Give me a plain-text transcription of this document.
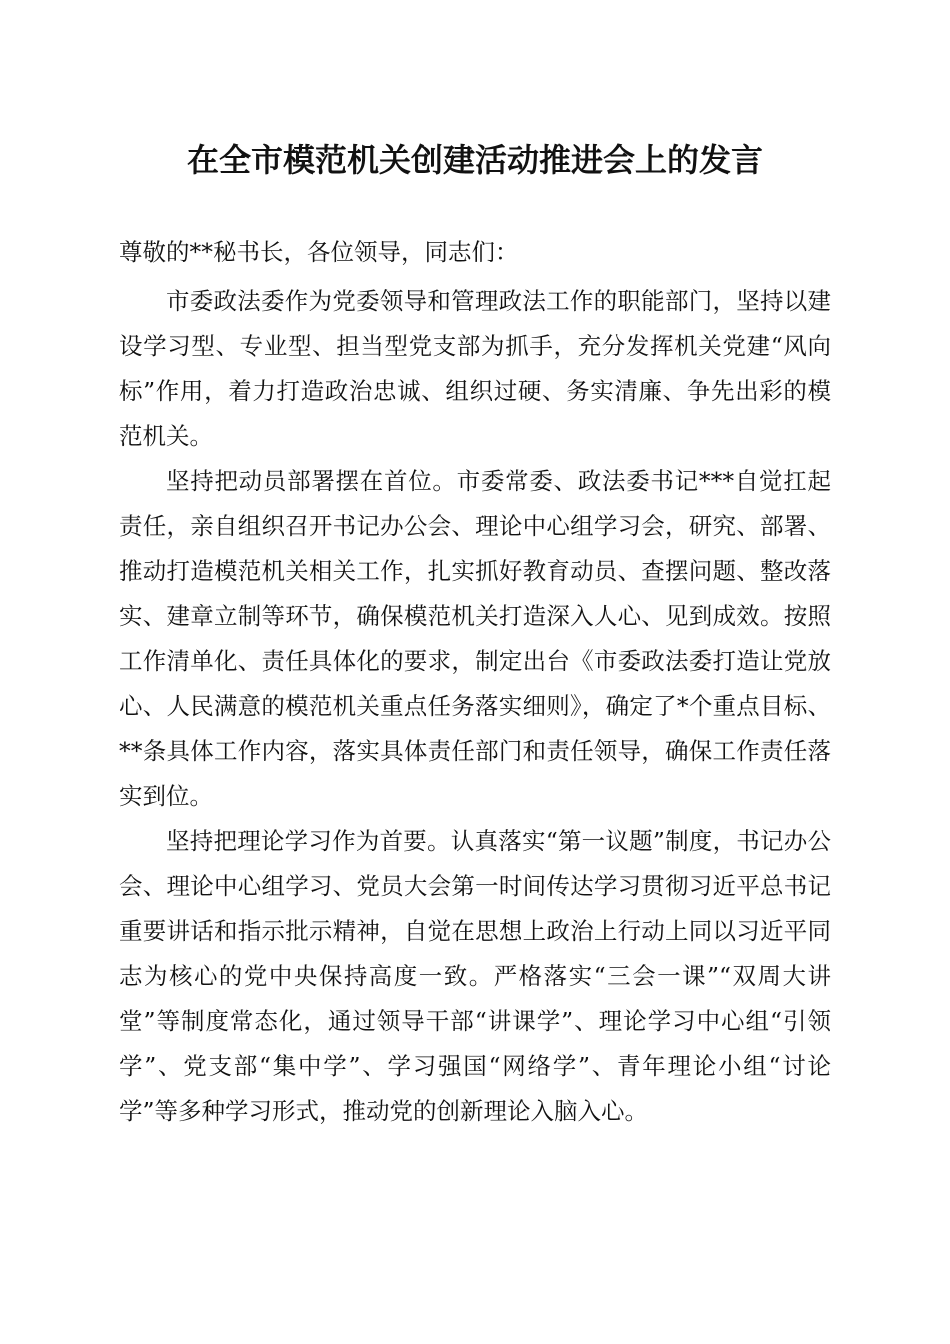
在全市模范机关创建活动推进会上的发言

尊敬的**秘书长，各位领导，同志们：

市委政法委作为党委领导和管理政法工作的职能部门，坚持以建设学习型、专业型、担当型党支部为抓手，充分发挥机关党建“风向标”作用，着力打造政治忠诚、组织过硬、务实清廉、争先出彩的模范机关。

坚持把动员部署摆在首位。市委常委、政法委书记***自觉扛起责任，亲自组织召开书记办公会、理论中心组学习会，研究、部署、推动打造模范机关相关工作，扎实抓好教育动员、查摆问题、整改落实、建章立制等环节，确保模范机关打造深入人心、见到成效。按照工作清单化、责任具体化的要求，制定出台《市委政法委打造让党放心、人民满意的模范机关重点任务落实细则》，确定了*个重点目标、**条具体工作内容，落实具体责任部门和责任领导，确保工作责任落实到位。

坚持把理论学习作为首要。认真落实“第一议题”制度，书记办公会、理论中心组学习、党员大会第一时间传达学习贯彻习近平总书记重要讲话和指示批示精神，自觉在思想上政治上行动上同以习近平同志为核心的党中央保持高度一致。严格落实“三会一课”“双周大讲堂”等制度常态化，通过领导干部“讲课学”、理论学习中心组“引领学”、党支部“集中学”、学习强国“网络学”、青年理论小组“讨论学”等多种学习形式，推动党的创新理论入脑入心。
